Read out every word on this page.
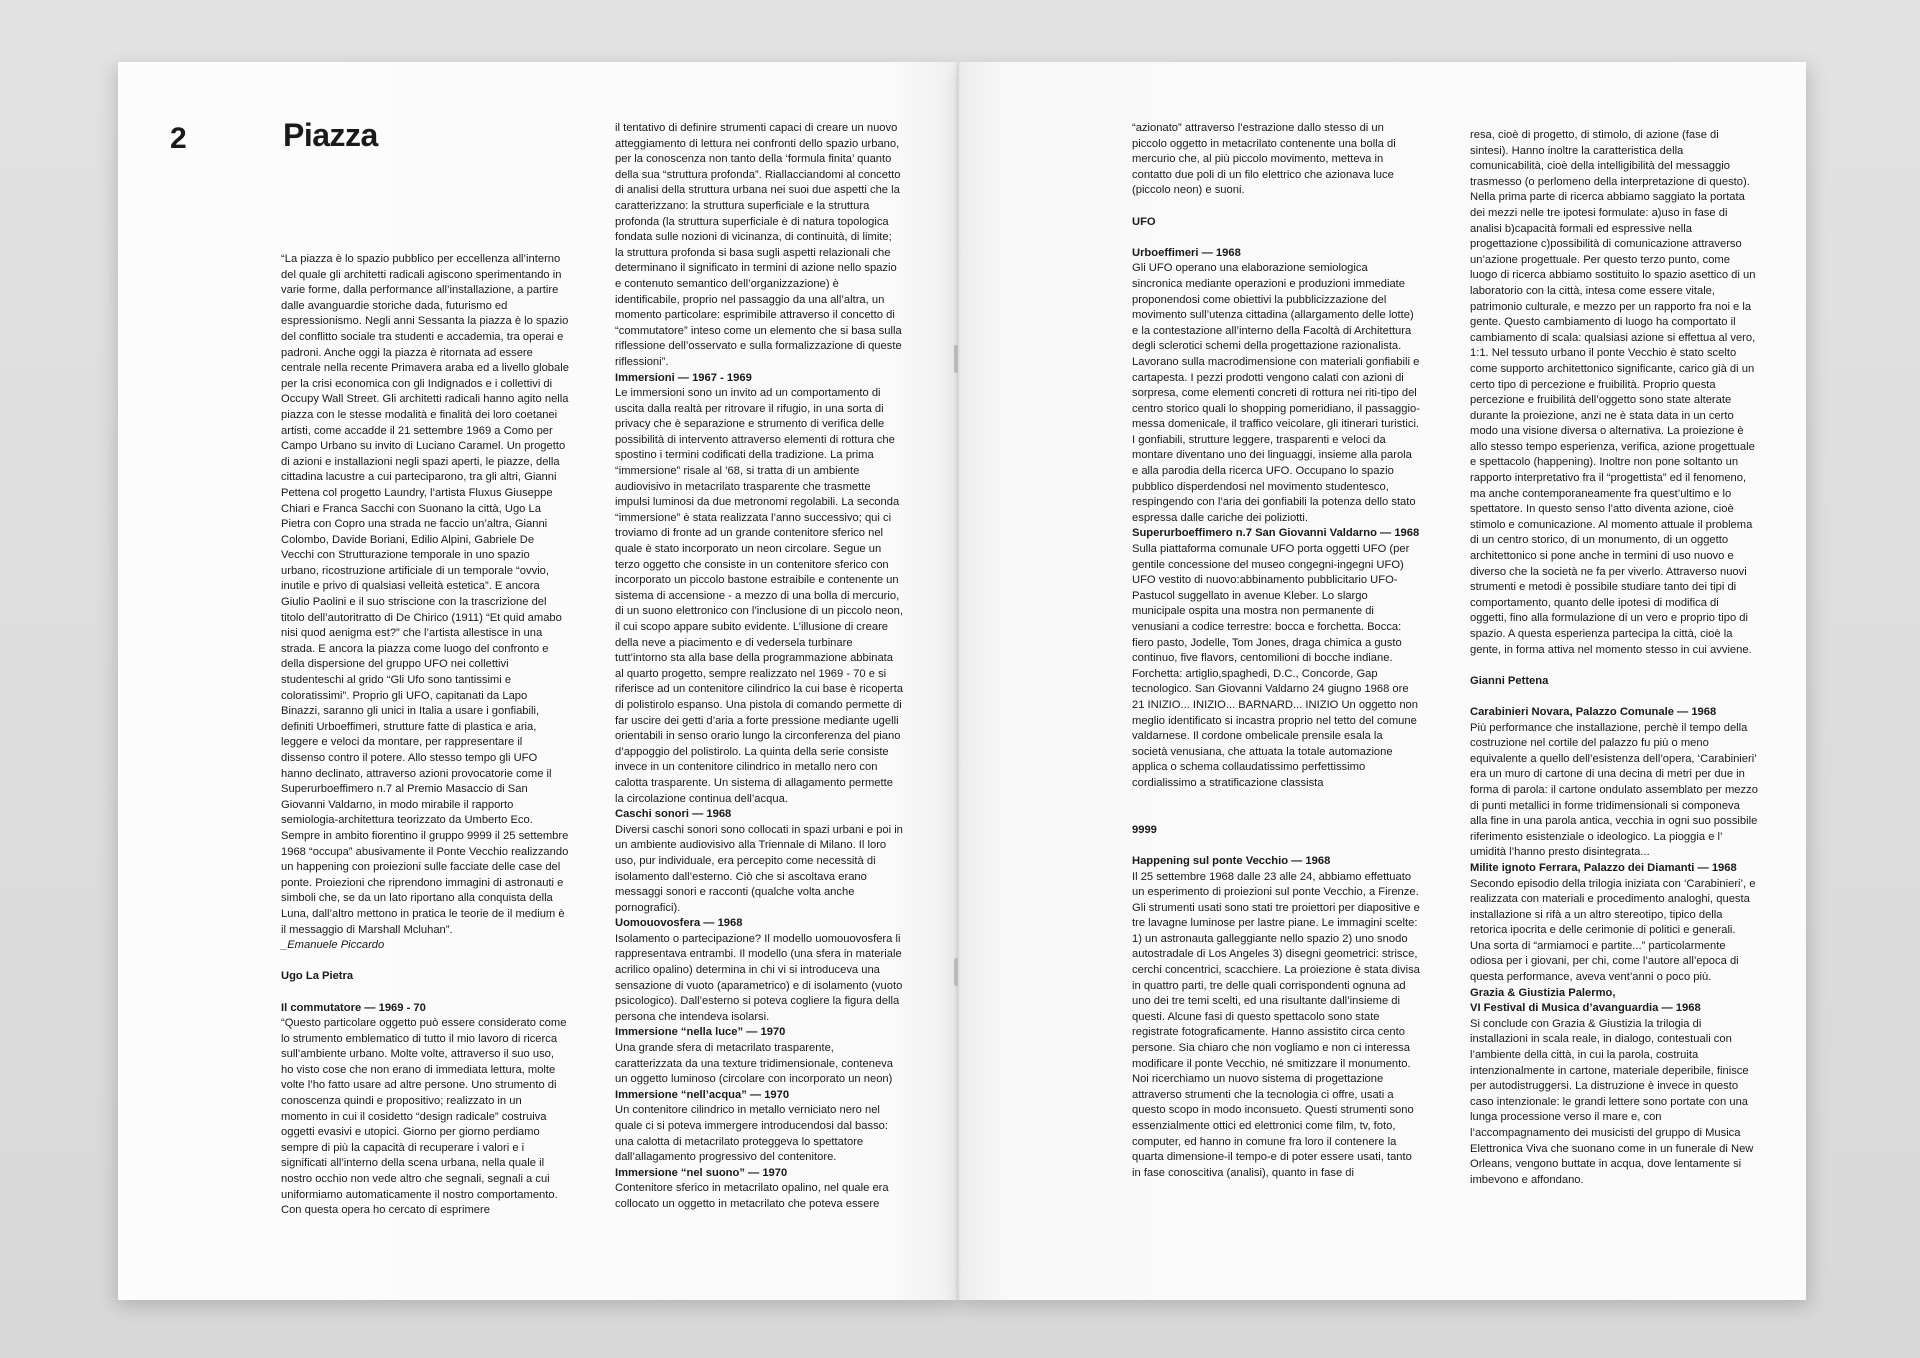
2	Piazza

“La piazza è lo spazio pubblico per eccellenza all’interno del quale gli architetti radicali agiscono sperimentando in varie forme, dalla performance all’installazione, a partire dalle avanguardie storiche dada, futurismo ed espressionismo. Negli anni Sessanta la piazza è lo spazio del conflitto sociale tra studenti e accademia, tra operai e padroni. Anche oggi la piazza è ritornata ad essere centrale nella recente Primavera araba ed a livello globale per la crisi economica con gli Indignados e i collettivi di Occupy Wall Street. Gli architetti radicali hanno agito nella piazza con le stesse modalità e finalità dei loro coetanei artisti, come accadde il 21 settembre 1969 a Como per Campo Urbano su invito di Luciano Caramel. Un progetto di azioni e installazioni negli spazi aperti, le piazze, della cittadina lacustre a cui parteciparono, tra gli altri, Gianni Pettena col progetto Laundry, l’artista Fluxus Giuseppe Chiari e Franca Sacchi con Suonano la città, Ugo La Pietra con Copro una strada ne faccio un’altra, Gianni Colombo, Davide Boriani, Edilio Alpini, Gabriele De Vecchi con Strutturazione temporale in uno spazio urbano, ricostruzione artificiale di un temporale “ovvio, inutile e privo di qualsiasi velleità estetica”. E ancora Giulio Paolini e il suo striscione con la trascrizione del titolo dell’autoritratto di De Chirico (1911) “Et quid amabo nisi quod aenigma est?” che l’artista allestisce in una strada. E ancora la piazza come luogo del confronto e della dispersione del gruppo UFO nei collettivi studenteschi al grido “Gli Ufo sono tantissimi e coloratissimi”. Proprio gli UFO, capitanati da Lapo Binazzi, saranno gli unici in Italia a usare i gonfiabili, definiti Urboeffimeri, strutture fatte di plastica e aria, leggere e veloci da montare, per rappresentare il dissenso contro il potere. Allo stesso tempo gli UFO hanno declinato, attraverso azioni provocatorie come il Superurboeffimero n.7 al Premio Masaccio di San Giovanni Valdarno, in modo mirabile il rapporto semiologia-architettura teorizzato da Umberto Eco. Sempre in ambito fiorentino il gruppo 9999 il 25 settembre 1968 “occupa” abusivamente il Ponte Vecchio realizzando un happening con proiezioni sulle facciate delle case del ponte. Proiezioni che riprendono immagini di astronauti e simboli che, se da un lato riportano alla conquista della Luna, dall’altro mettono in pratica le teorie de il medium è il messaggio di Marshall Mcluhan”.

_Emanuele Piccardo

Ugo La Pietra

Il commutatore — 1969 - 70

“Questo particolare oggetto può essere considerato come lo strumento emblematico di tutto il mio lavoro di ricerca sull’ambiente urbano. Molte volte, attraverso il suo uso, ho visto cose che non erano di immediata lettura, molte volte l’ho fatto usare ad altre persone. Uno strumento di conoscenza quindi e propositivo; realizzato in un momento in cui il cosidetto “design radicale” costruiva oggetti evasivi e utopici. Giorno per giorno perdiamo sempre di più la capacità di recuperare i valori e i significati all’interno della scena urbana, nella quale il nostro occhio non vede altro che segnali, segnali a cui uniformiamo automaticamente il nostro comportamento. Con questa opera ho cercato di esprimere

il tentativo di definire strumenti capaci di creare un nuovo atteggiamento di lettura nei confronti dello spazio urbano, per la conoscenza non tanto della ‘formula finita’ quanto della sua “struttura profonda”. Riallacciandomi al concetto di analisi della struttura urbana nei suoi due aspetti che la caratterizzano: la struttura superficiale e la struttura profonda (la struttura superficiale è di natura topologica fondata sulle nozioni di vicinanza, di continuità, di limite; la struttura profonda si basa sugli aspetti relazionali che determinano il significato in termini di azione nello spazio e contenuto semantico dell’organizzazione) è identificabile, proprio nel passaggio da una all’altra, un momento particolare: esprimibile attraverso il concetto di “commutatore” inteso come un elemento che si basa sulla riflessione dell’osservato e sulla formalizzazione di queste riflessioni”.

Immersioni — 1967 - 1969

Le immersioni sono un invito ad un comportamento di uscita dalla realtà per ritrovare il rifugio, in una sorta di privacy che è separazione e strumento di verifica delle possibilità di intervento attraverso elementi di rottura che spostino i termini codificati della tradizione. La prima “immersione” risale al ’68, si tratta di un ambiente audiovisivo in metacrilato trasparente che trasmette impulsi luminosi da due metronomi regolabili. La seconda “immersione” è stata realizzata l’anno successivo; qui ci troviamo di fronte ad un grande contenitore sferico nel quale è stato incorporato un neon circolare. Segue un terzo oggetto che consiste in un contenitore sferico con incorporato un piccolo bastone estraibile e contenente un sistema di accensione - a mezzo di una bolla di mercurio, di un suono elettronico con l’inclusione di un piccolo neon, il cui scopo appare subito evidente. L’illusione di creare della neve a piacimento e di vedersela turbinare tutt’intorno sta alla base della programmazione abbinata al quarto progetto, sempre realizzato nel 1969 - 70 e si riferisce ad un contenitore cilindrico la cui base è ricoperta di polistirolo espanso. Una pistola di comando permette di far uscire dei getti d’aria a forte pressione mediante ugelli orientabili in senso orario lungo la circonferenza del piano d’appoggio del polistirolo. La quinta della serie consiste invece in un contenitore cilindrico in metallo nero con calotta trasparente. Un sistema di allagamento permette la circolazione continua dell’acqua.

Caschi sonori — 1968

Diversi caschi sonori sono collocati in spazi urbani e poi in un ambiente audiovisivo alla Triennale di Milano. Il loro uso, pur individuale, era percepito come necessità di isolamento dall’esterno. Ciò che si ascoltava erano messaggi sonori e racconti (qualche volta anche pornografici).

Uomouovosfera — 1968

Isolamento o partecipazione? Il modello uomouovosfera li rappresentava entrambi. Il modello (una sfera in materiale acrilico opalino) determina in chi vi si introduceva una sensazione di vuoto (aparametrico) e di isolamento (vuoto psicologico). Dall’esterno si poteva cogliere la figura della persona che intendeva isolarsi.

Immersione “nella luce” — 1970

Una grande sfera di metacrilato trasparente, caratterizzata da una texture tridimensionale, conteneva un oggetto luminoso (circolare con incorporato un neon)

Immersione “nell’acqua” — 1970

Un contenitore cilindrico in metallo verniciato nero nel quale ci si poteva immergere introducendosi dal basso: una calotta di metacrilato proteggeva lo spettatore dall’allagamento progressivo del contenitore.

Immersione “nel suono” — 1970

Contenitore sferico in metacrilato opalino, nel quale era collocato un oggetto in metacrilato che poteva essere

“azionato” attraverso l’estrazione dallo stesso di un piccolo oggetto in metacrilato contenente una bolla di mercurio che, al più piccolo movimento, metteva in contatto due poli di un filo elettrico che azionava luce (piccolo neon) e suoni.

UFO

Urboeffimeri — 1968

Gli UFO operano una elaborazione semiologica sincronica mediante operazioni e produzioni immediate proponendosi come obiettivi la pubblicizzazione del movimento sull’utenza cittadina (allargamento delle lotte) e la contestazione all’interno della Facoltà di Architettura degli sclerotici schemi della progettazione razionalista. Lavorano sulla macrodimensione con materiali gonfiabili e cartapesta. I pezzi prodotti vengono calati con azioni di sorpresa, come elementi concreti di rottura nei riti-tipo del centro storico quali lo shopping pomeridiano, il passaggio-messa domenicale, il traffico veicolare, gli itinerari turistici. I gonfiabili, strutture leggere, trasparenti e veloci da montare diventano uno dei linguaggi, insieme alla parola e alla parodia della ricerca UFO. Occupano lo spazio pubblico disperdendosi nel movimento studentesco, respingendo con l’aria dei gonfiabili la potenza dello stato espressa dalle cariche dei poliziotti.

Superurboeffimero n.7 San Giovanni Valdarno — 1968

Sulla piattaforma comunale UFO porta oggetti UFO (per gentile concessione del museo congegni-ingegni UFO) UFO vestito di nuovo:abbinamento pubblicitario UFO-Pastucol suggellato in avenue Kleber. Lo slargo municipale ospita una mostra non permanente di venusiani a codice terrestre: bocca e forchetta. Bocca: fiero pasto, Jodelle, Tom Jones, draga chimica a gusto continuo, five flavors, centomilioni di bocche indiane. Forchetta: artiglio,spaghedi, D.C., Concorde, Gap tecnologico. San Giovanni Valdarno 24 giugno 1968 ore 21 INIZIO... INIZIO... BARNARD... INIZIO Un oggetto non meglio identificato si incastra proprio nel tetto del comune valdarnese. Il cordone ombelicale prensile esala la società venusiana, che attuata la totale automazione applica o schema collaudatissimo perfettissimo cordialissimo a stratificazione classista

9999

Happening sul ponte Vecchio — 1968

Il 25 settembre 1968 dalle 23 alle 24, abbiamo effettuato un esperimento di proiezioni sul ponte Vecchio, a Firenze. Gli strumenti usati sono stati tre proiettori per diapositive e tre lavagne luminose per lastre piane. Le immagini scelte: 1) un astronauta galleggiante nello spazio 2) uno snodo autostradale di Los Angeles 3) disegni geometrici: strisce, cerchi concentrici, scacchiere. La proiezione è stata divisa in quattro parti, tre delle quali corrispondenti ognuna ad uno dei tre temi scelti, ed una risultante dall’insieme di questi. Alcune fasi di questo spettacolo sono state registrate fotograficamente. Hanno assistito circa cento persone. Sia chiaro che non vogliamo e non ci interessa modificare il ponte Vecchio, né smitizzare il monumento. Noi ricerchiamo un nuovo sistema di progettazione attraverso strumenti che la tecnologia ci offre, usati a questo scopo in modo inconsueto. Questi strumenti sono essenzialmente ottici ed elettronici come film, tv, foto, computer, ed hanno in comune fra loro il contenere la quarta dimensione-il tempo-e di poter essere usati, tanto in fase conoscitiva (analisi), quanto in fase di

resa, cioè di progetto, di stimolo, di azione (fase di sintesi). Hanno inoltre la caratteristica della comunicabilità, cioè della intelligibilità del messaggio trasmesso (o perlomeno della interpretazione di questo). Nella prima parte di ricerca abbiamo saggiato la portata dei mezzi nelle tre ipotesi formulate: a)uso in fase di analisi b)capacità formali ed espressive nella progettazione c)possibilità di comunicazione attraverso un’azione progettuale. Per questo terzo punto, come luogo di ricerca abbiamo sostituito lo spazio asettico di un laboratorio con la città, intesa come essere vitale, patrimonio culturale, e mezzo per un rapporto fra noi e la gente. Questo cambiamento di luogo ha comportato il cambiamento di scala: qualsiasi azione si effettua al vero, 1:1. Nel tessuto urbano il ponte Vecchio è stato scelto come supporto architettonico significante, carico già di un certo tipo di percezione e fruibilità. Proprio questa percezione e fruibilità dell’oggetto sono state alterate durante la proiezione, anzi ne è stata data in un certo modo una visione diversa o alternativa. La proiezione è allo stesso tempo esperienza, verifica, azione progettuale e spettacolo (happening). Inoltre non pone soltanto un rapporto interpretativo fra il “progettista” ed il fenomeno, ma anche contemporaneamente fra quest’ultimo e lo spettatore. In questo senso l’atto diventa azione, cioè stimolo e comunicazione. Al momento attuale il problema di un centro storico, di un monumento, di un oggetto architettonico si pone anche in termini di uso nuovo e diverso che la società ne fa per viverlo. Attraverso nuovi strumenti e metodi è possibile studiare tanto dei tipi di comportamento, quanto delle ipotesi di modifica di oggetti, fino alla formulazione di un vero e proprio tipo di spazio. A questa esperienza partecipa la città, cioè la gente, in forma attiva nel momento stesso in cui avviene.

Gianni Pettena

Carabinieri Novara, Palazzo Comunale — 1968

Più performance che installazione, perchè il tempo della costruzione nel cortile del palazzo fu più o meno equivalente a quello dell’esistenza dell’opera, ‘Carabinieri’ era un muro di cartone di una decina di metri per due in forma di parola: il cartone ondulato assemblato per mezzo di punti metallici in forme tridimensionali si componeva alla fine in una parola antica, vecchia in ogni suo possibile riferimento esistenziale o ideologico. La pioggia e l’ umidità l’hanno presto disintegrata...

Milite ignoto Ferrara, Palazzo dei Diamanti — 1968

Secondo episodio della trilogia iniziata con ‘Carabinieri’, e realizzata con materiali e procedimento analoghi, questa installazione si rifà a un altro stereotipo, tipico della retorica ipocrita e delle cerimonie di politici e generali. Una sorta di “armiamoci e partite...” particolarmente odiosa per i giovani, per chi, come l’autore all’epoca di questa performance, aveva vent’anni o poco più.

Grazia & Giustizia Palermo,

VI Festival di Musica d’avanguardia — 1968

Si conclude con Grazia & Giustizia la trilogia di installazioni in scala reale, in dialogo, contestuali con l’ambiente della città, in cui la parola, costruita intenzionalmente in cartone, materiale deperibile, finisce per autodistruggersi. La distruzione è invece in questo caso intenzionale: le grandi lettere sono portate con una lunga processione verso il mare e, con l’accompagnamento dei musicisti del gruppo di Musica Elettronica Viva che suonano come in un funerale di New Orleans, vengono buttate in acqua, dove lentamente si imbevono e affondano.
